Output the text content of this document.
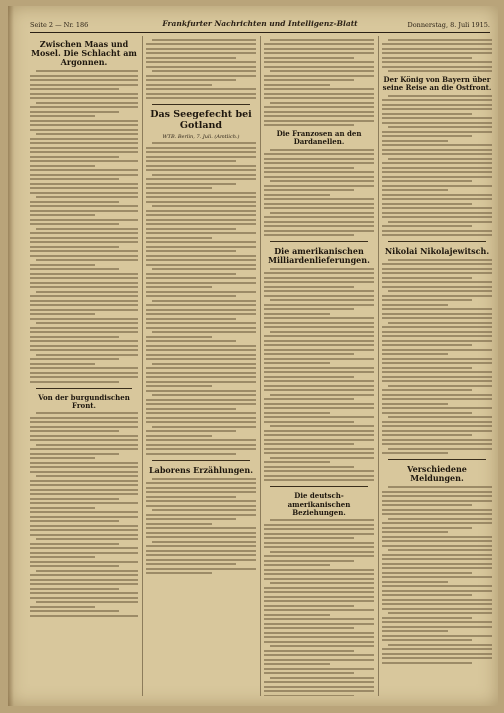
Seite 2 — Nr. 186	Frankfurter Nachrichten und Intelligenz-Blatt	Donnerstag, 8. Juli 1915.
Zwischen Maas und Mosel. Die Schlacht am Argonnen.
Von der burgundischen Front.
Das Seegefecht bei Gotland
WTB. Berlin, 7. Juli. (Amtlich.)
Laborens Erzählungen.
Die Franzosen an den Dardanellen.
Die amerikanischen Milliardenlieferungen.
Die deutsch-amerikanischen Beziehungen.
Der König von Bayern über seine Reise an die Ostfront.
Nikolai Nikolajewitsch.
Verschiedene Meldungen.
